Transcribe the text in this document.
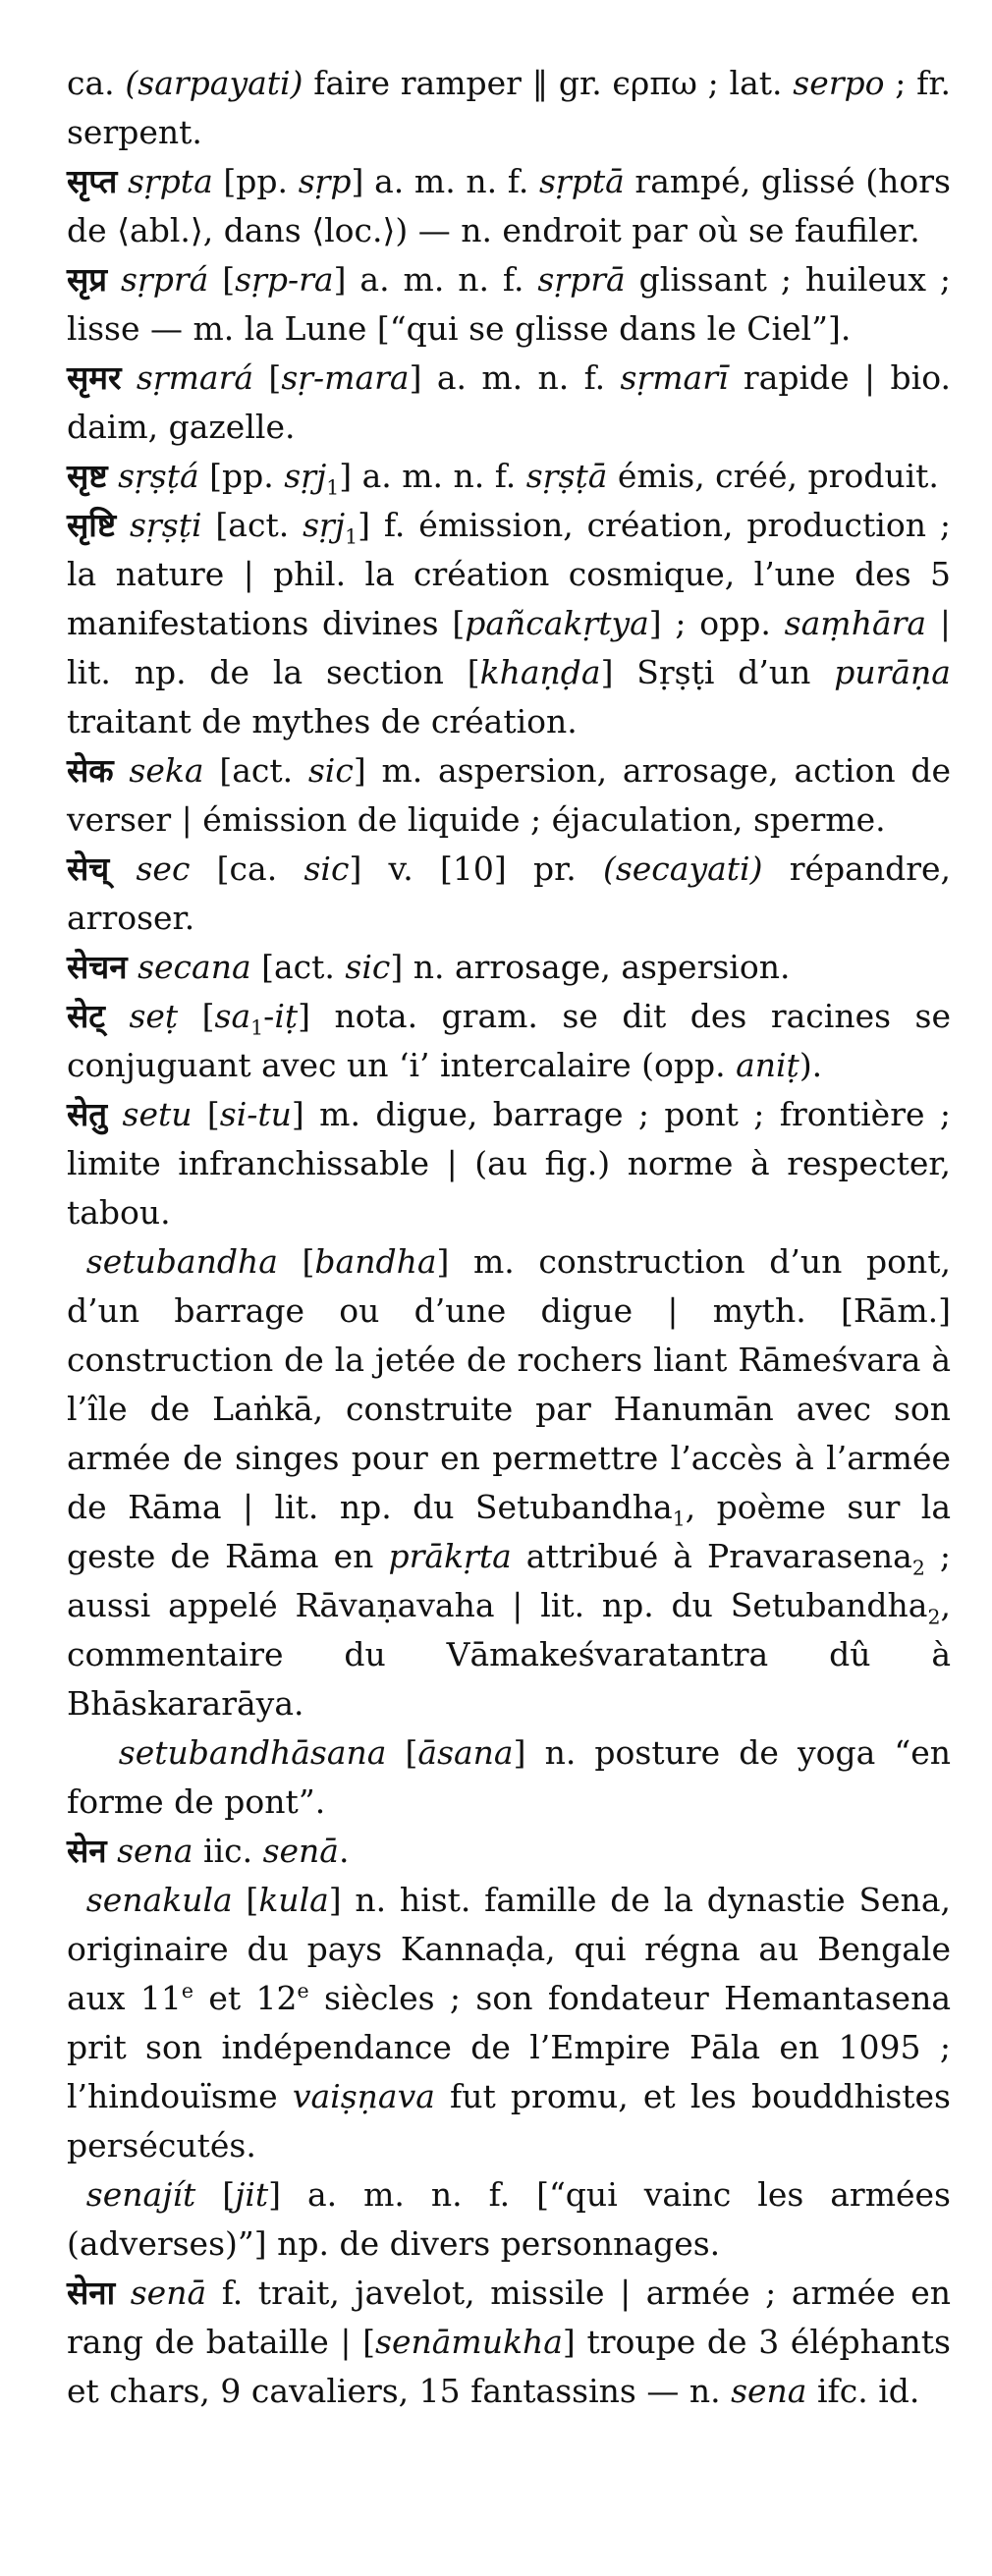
ca. (sarpayati) faire ramper ‖ gr. ϵρπω ; lat. serpo ; fr. serpent.

सृप्त sṛpta [pp. sṛp] a. m. n. f. sṛptā rampé, glissé (hors de ⟨abl.⟩, dans ⟨loc.⟩) — n. endroit par où se faufiler.

सृप्र sṛprá [sṛp-ra] a. m. n. f. sṛprā glissant ; huileux ; lisse — m. la Lune [“qui se glisse dans le Ciel”].

सृमर sṛmará [sṛ-mara] a. m. n. f. sṛmarī rapide | bio. daim, gazelle.

सृष्ट sṛṣṭá [pp. sṛj$_1$] a. m. n. f. sṛṣṭā émis, créé, produit.

सृष्टि sṛṣṭi [act. sṛj$_1$] f. émission, création, production ; la nature | phil. la création cosmique, l’une des 5 manifestations divines [pañcakṛtya] ; opp. saṃhāra | lit. np. de la section [khaṇḍa] Sṛṣṭi d’un purāṇa traitant de mythes de création.

सेक seka [act. sic] m. aspersion, arrosage, action de verser | émission de liquide ; éjaculation, sperme.

सेच् sec [ca. sic] v. [10] pr. (secayati) répandre, arroser.

सेचन secana [act. sic] n. arrosage, aspersion.

सेट् seṭ $[sa_1-iṭ]$ nota. gram. se dit des racines se conjuguant avec un ‘i’ intercalaire (opp. aniṭ).

सेतु setu [si-tu] m. digue, barrage ; pont ; frontière ; limite infranchissable | (au fig.) norme à respecter, tabou.

setubandha [bandha] m. construction d’un pont, d’un barrage ou d’une digue | myth. [Rām.] construction de la jetée de rochers liant Rāmeśvara à l’île de Laṅkā, construite par Hanumān avec son armée de singes pour en permettre l’accès à l’armée de Rāma | lit. np. du Setubandha$_1$, poème sur la geste de Rāma en prākṛta attribué à Pravarasena$_2$ ; aussi appelé Rāvaṇavaha | lit. np. du Setubandha$_2$, commentaire du Vāmakeśvaratantra dû à Bhāskararāya.

setubandhāsana [āsana] n. posture de yoga “en forme de pont”.

सेन sena iic. senā.

senakula [kula] n. hist. famille de la dynastie Sena, originaire du pays Kannaḍa, qui régna au Bengale aux 11e et 12e siècles ; son fondateur Hemantasena prit son indépendance de l’Empire Pāla en 1095 ; l’hindouïsme vaiṣṇava fut promu, et les bouddhistes persécutés.

senajít [jit] a. m. n. f. [“qui vainc les armées (adverses)”] np. de divers personnages.

सेना senā f. trait, javelot, missile | armée ; armée en rang de bataille | [senāmukha] troupe de 3 éléphants et chars, 9 cavaliers, 15 fantassins — n. sena ifc. id.
